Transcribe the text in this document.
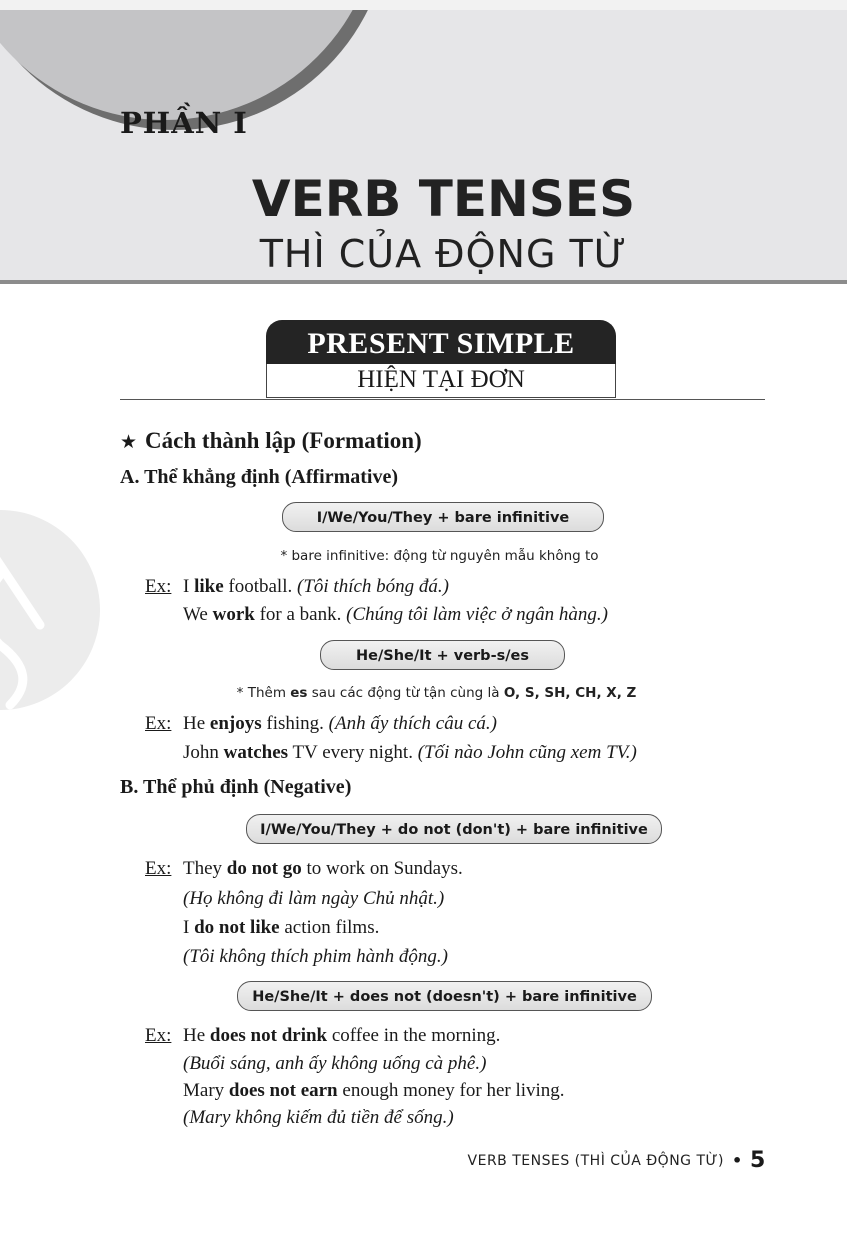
PHẦN I
VERB TENSES
THÌ CỦA ĐỘNG TỪ
PRESENT SIMPLE
HIỆN TẠI ĐƠN
★ Cách thành lập (Formation)
A. Thể khẳng định (Affirmative)
I/We/You/They + bare infinitive
* bare infinitive: động từ nguyên mẫu không to
Ex: I like football. (Tôi thích bóng đá.)
We work for a bank. (Chúng tôi làm việc ở ngân hàng.)
He/She/It + verb-s/es
* Thêm es sau các động từ tận cùng là O, S, SH, CH, X, Z
Ex: He enjoys fishing. (Anh ấy thích câu cá.)
John watches TV every night. (Tối nào John cũng xem TV.)
B. Thể phủ định (Negative)
I/We/You/They + do not (don't) + bare infinitive
Ex: They do not go to work on Sundays.
(Họ không đi làm ngày Chủ nhật.)
I do not like action films.
(Tôi không thích phim hành động.)
He/She/It + does not (doesn't) + bare infinitive
Ex: He does not drink coffee in the morning.
(Buổi sáng, anh ấy không uống cà phê.)
Mary does not earn enough money for her living.
(Mary không kiếm đủ tiền để sống.)
VERB TENSES (THÌ CỦA ĐỘNG TỪ) • 5
